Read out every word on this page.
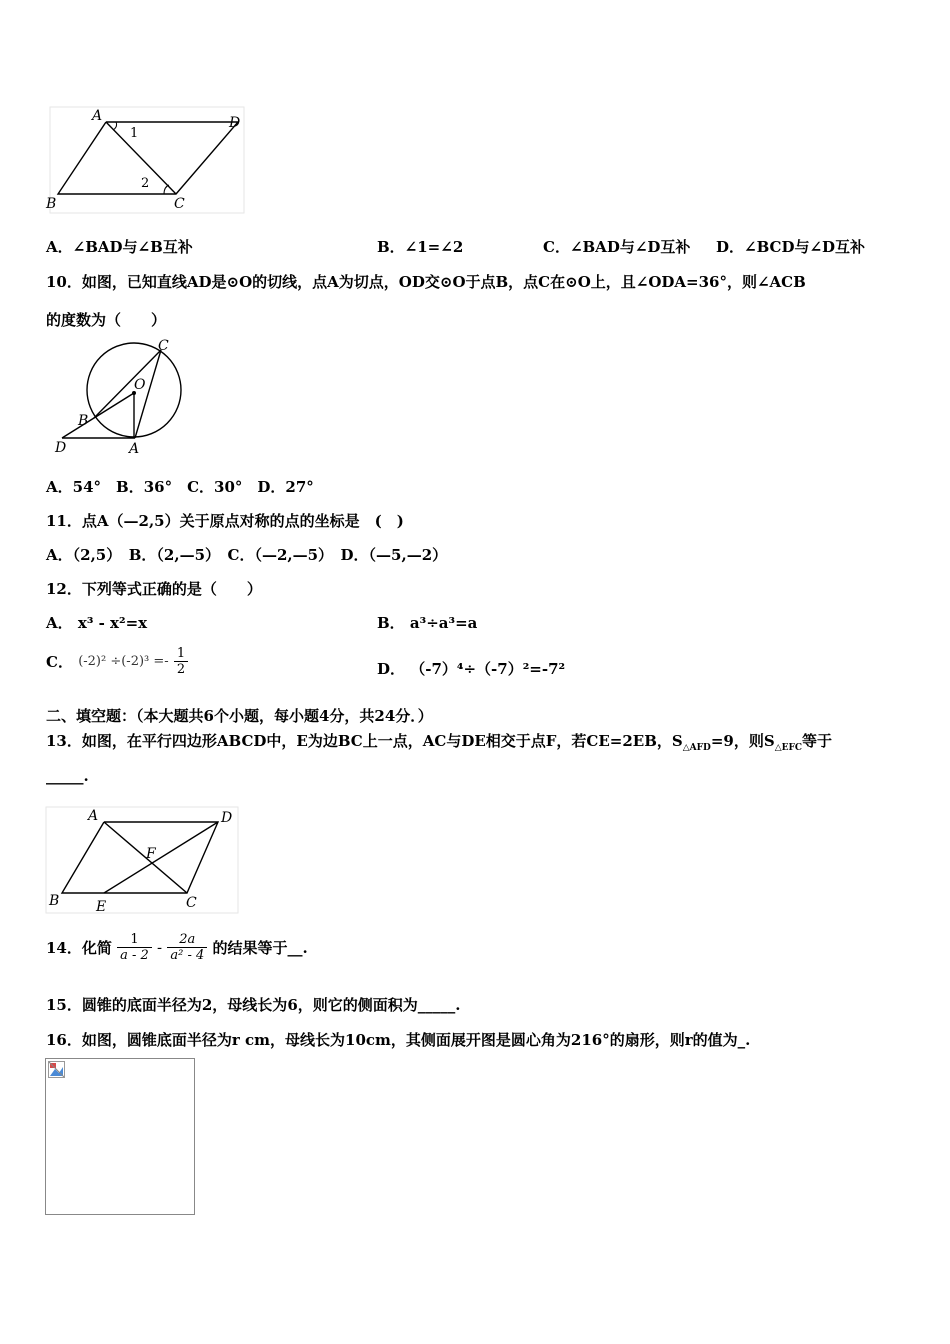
A	D
B	C
1
2
A．∠BAD与∠B互补	B．∠1=∠2	C．∠BAD与∠D互补 D．∠BCD与∠D互补
10．如图，已知直线AD是⊙O的切线，点A为切点，OD交⊙O于点B，点C在⊙O上，且∠ODA=36°，则∠ACB
的度数为（　　）
C
O
B
D	A
A．54°　B．36°　C．30°　D．27°
11．点A（—2,5）关于原点对称的点的坐标是　(　)
A．（2,5）　B．（2,—5）　C．（—2,—5）　D．（—5,—2）
12．下列等式正确的是（　　）
A． x³ - x²=x	B． a³÷a³=a
C． $(-2)^2 \div(-2)^3 =- \frac{1}{2}$	D． （-7）⁴÷（-7）²=-7²
二、填空题：（本大题共6个小题，每小题4分，共24分．）
13．如图，在平行四边形ABCD中，E为边BC上一点，AC与DE相交于点F，若CE=2EB，$S_{\triangle AFD}=9$，则$S_{\triangle EFC}$等于
_____.
A	D
F
B	E	C
14．化简 $\frac{1}{a - 2} - \frac{2a}{\text{a² - 4}}$ 的结果等于__.
15．圆锥的底面半径为2，母线长为6，则它的侧面积为_____.
16．如图，圆锥底面半径为r cm，母线长为10cm，其侧面展开图是圆心角为216°的扇形，则r的值为_.
